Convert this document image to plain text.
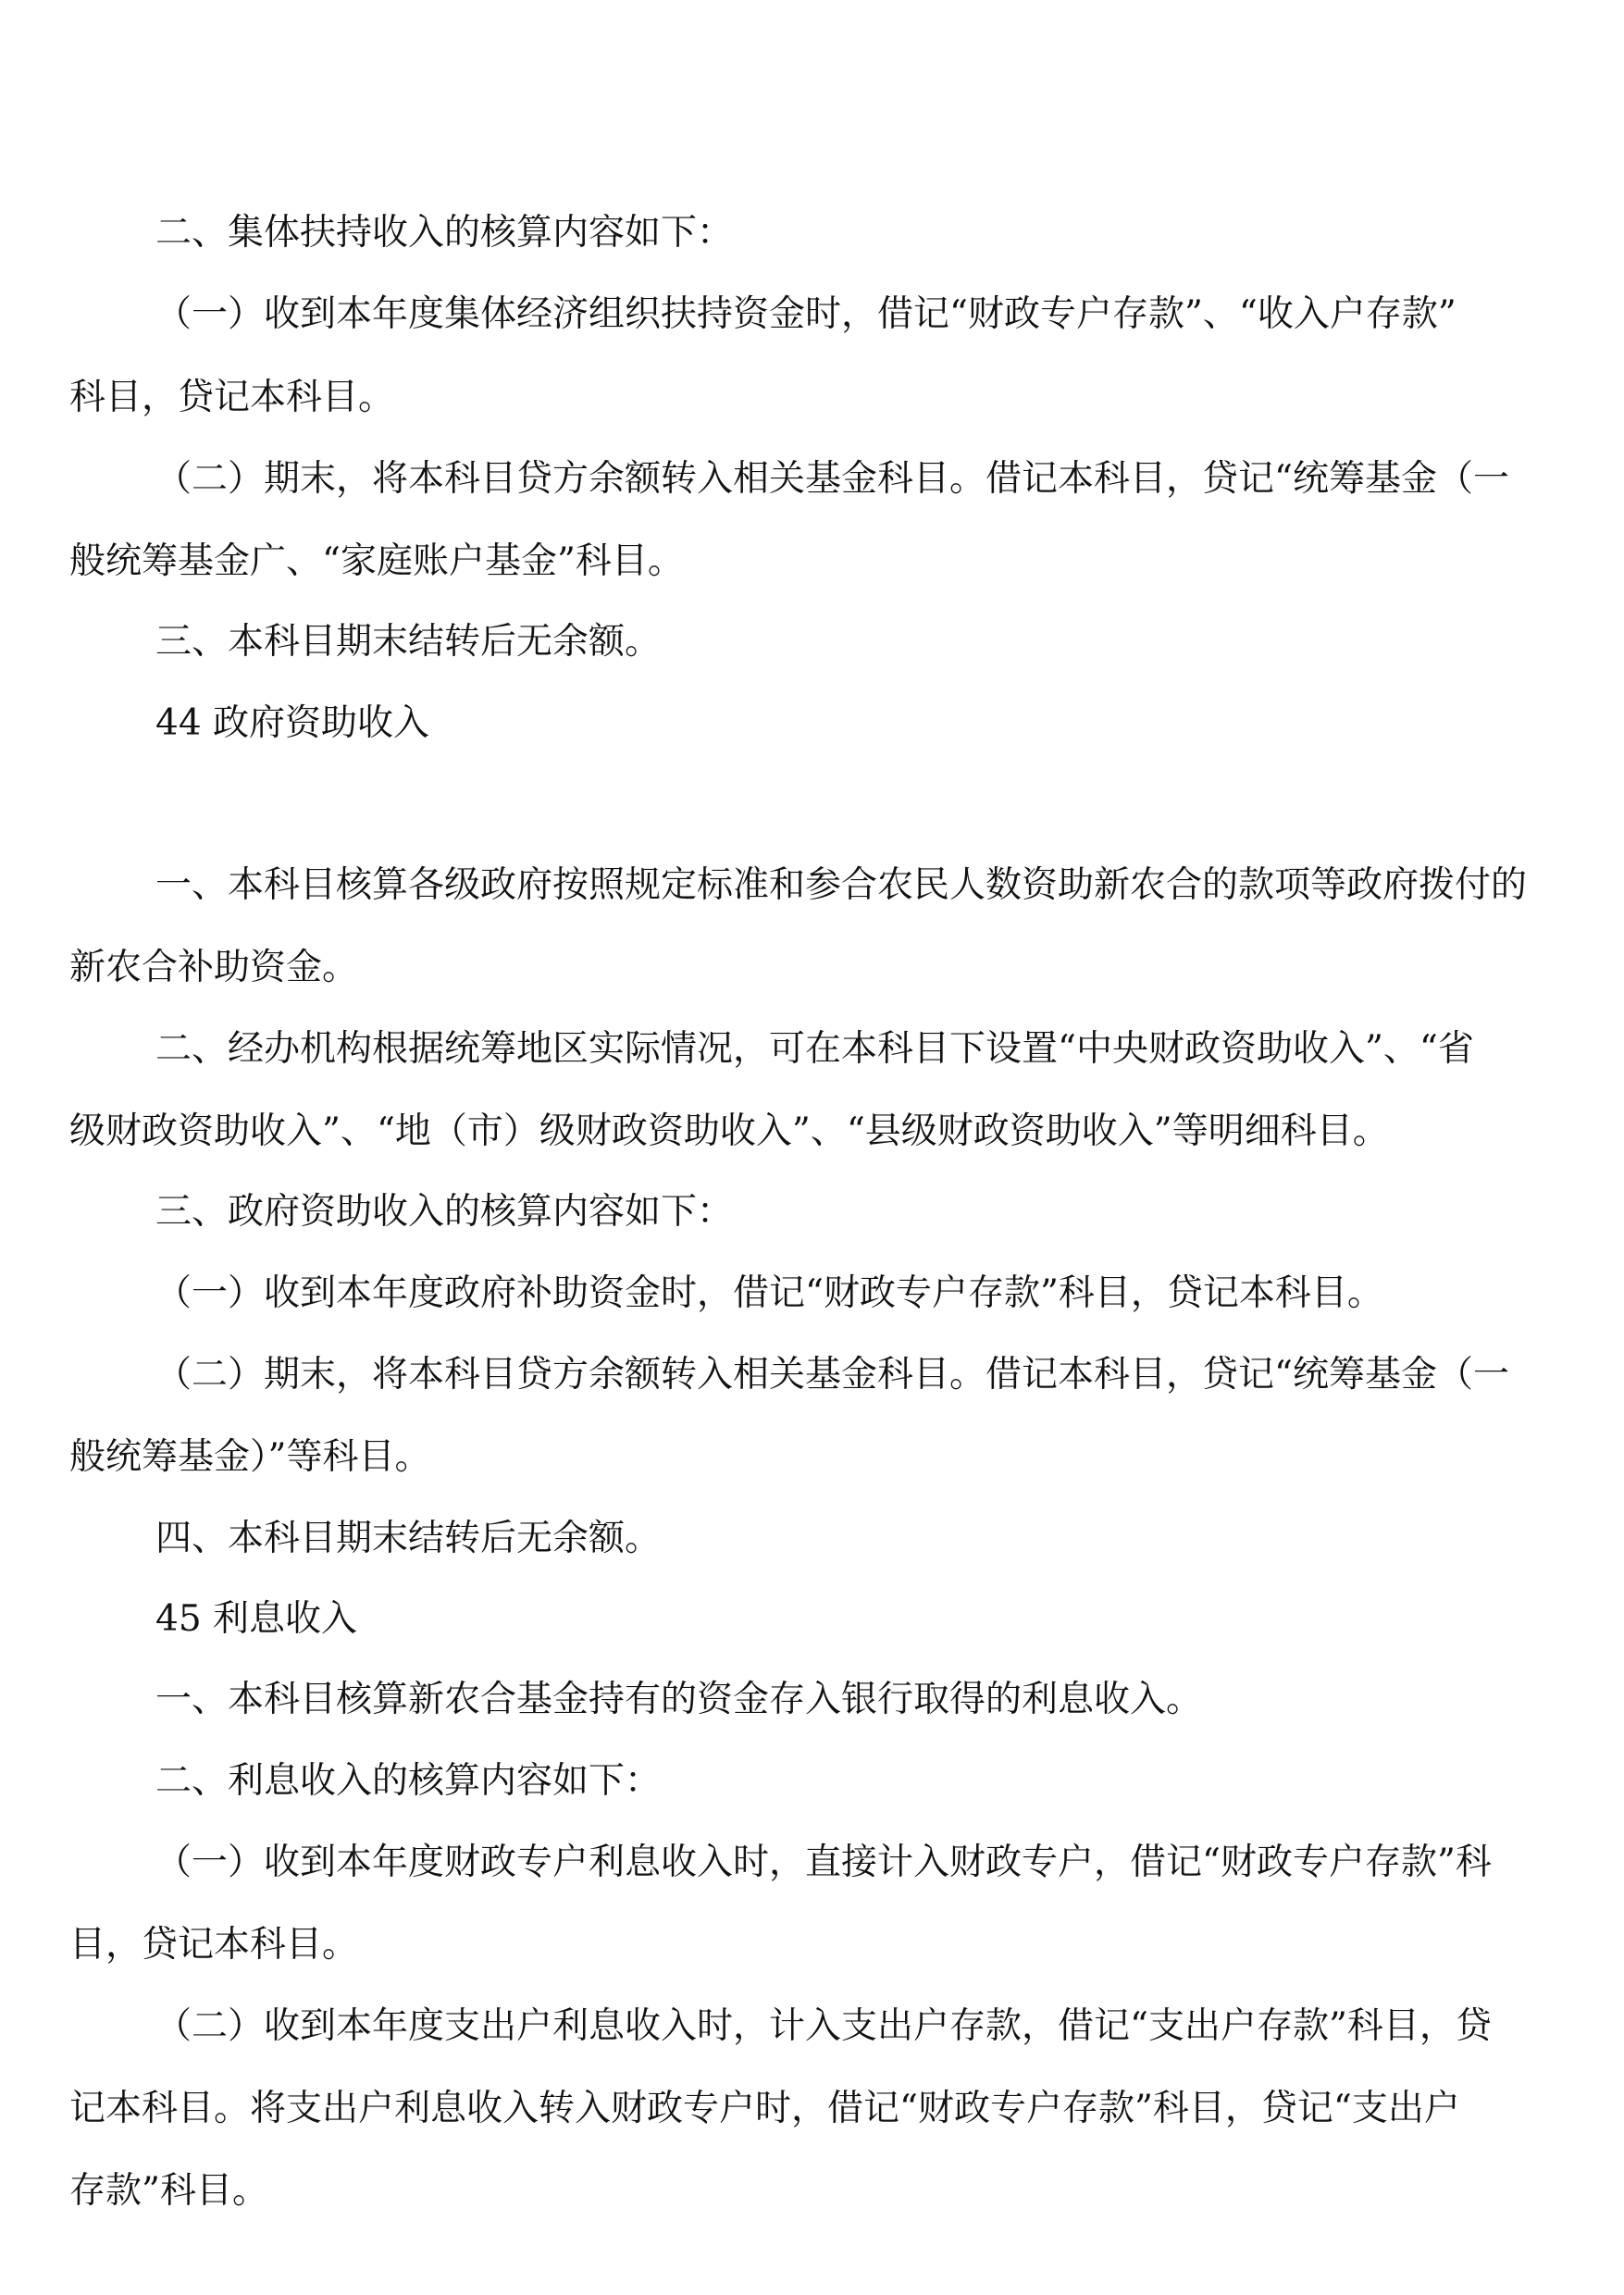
二、集体扶持收入的核算内容如下：
（一）收到本年度集体经济组织扶持资金时，借记“财政专户存款”、“收入户存款”
科目，贷记本科目。
（二）期末，将本科目贷方余额转入相关基金科目。借记本科目，贷记“统筹基金（一
般统筹基金广、“家庭账户基金”科目。
三、本科目期末结转后无余额。
44 政府资助收入
一、本科目核算各级政府按照规定标准和参合农民人数资助新农合的款项等政府拨付的
新农合补助资金。
二、经办机构根据统筹地区实际情况，可在本科目下设置“中央财政资助收入”、“省
级财政资助收入”、“地（市）级财政资助收入”、“县级财政资助收入”等明细科目。
三、政府资助收入的核算内容如下：
（一）收到本年度政府补助资金时，借记“财政专户存款”科目，贷记本科目。
（二）期末，将本科目贷方余额转入相关基金科目。借记本科目，贷记“统筹基金（一
般统筹基金）”等科目。
四、本科目期末结转后无余额。
45 利息收入
一、本科目核算新农合基金持有的资金存入银行取得的利息收入。
二、利息收入的核算内容如下：
（一）收到本年度财政专户利息收入时，直接计入财政专户，借记“财政专户存款”科
目，贷记本科目。
（二）收到本年度支出户利息收入时，计入支出户存款，借记“支出户存款”科目，贷
记本科目。将支出户利息收入转入财政专户时，借记“财政专户存款”科目，贷记“支出户
存款”科目。
